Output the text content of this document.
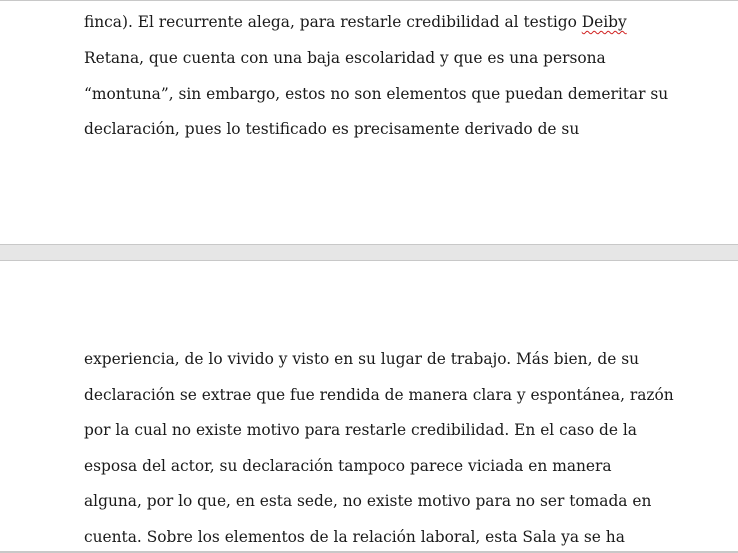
finca). El recurrente alega, para restarle credibilidad al testigo Deiby

Retana, que cuenta con una baja escolaridad y que es una persona

“montuna”, sin embargo, estos no son elementos que puedan demeritar su

declaración, pues lo testificado es precisamente derivado de su

experiencia, de lo vivido y visto en su lugar de trabajo. Más bien, de su

declaración se extrae que fue rendida de manera clara y espontánea, razón

por la cual no existe motivo para restarle credibilidad. En el caso de la

esposa del actor, su declaración tampoco parece viciada en manera

alguna, por lo que, en esta sede, no existe motivo para no ser tomada en

cuenta. Sobre los elementos de la relación laboral, esta Sala ya se ha
